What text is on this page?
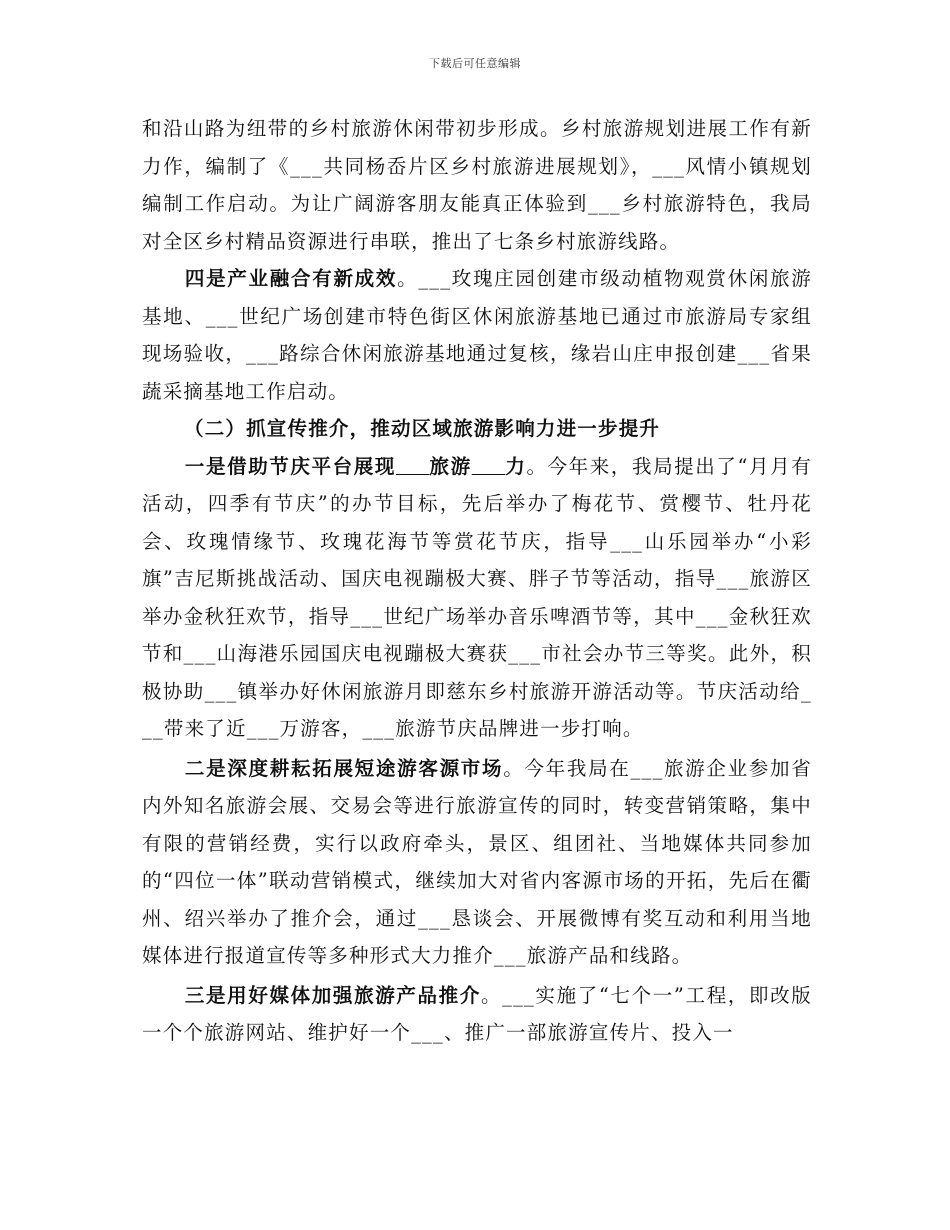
下载后可任意编辑

和沿山路为纽带的乡村旅游休闲带初步形成。乡村旅游规划进展工作有新力作，编制了《___共同杨岙片区乡村旅游进展规划》，___风情小镇规划编制工作启动。为让广阔游客朋友能真正体验到___乡村旅游特色，我局对全区乡村精品资源进行串联，推出了七条乡村旅游线路。

四是产业融合有新成效。___玫瑰庄园创建市级动植物观赏休闲旅游基地、___世纪广场创建市特色街区休闲旅游基地已通过市旅游局专家组现场验收，___路综合休闲旅游基地通过复核，缘岩山庄申报创建___省果蔬采摘基地工作启动。

（二）抓宣传推介，推动区域旅游影响力进一步提升

一是借助节庆平台展现 旅游 力。今年来，我局提出了“月月有活动，四季有节庆”的办节目标，先后举办了梅花节、赏樱节、牡丹花会、玫瑰情缘节、玫瑰花海节等赏花节庆，指导___山乐园举办“小彩旗”吉尼斯挑战活动、国庆电视蹦极大赛、胖子节等活动，指导___旅游区举办金秋狂欢节，指导___世纪广场举办音乐啤酒节等，其中___金秋狂欢节和___山海港乐园国庆电视蹦极大赛获___市社会办节三等奖。此外，积极协助___镇举办好休闲旅游月即慈东乡村旅游开游活动等。节庆活动给___带来了近___万游客，___旅游节庆品牌进一步打响。

二是深度耕耘拓展短途游客源市场。今年我局在___旅游企业参加省内外知名旅游会展、交易会等进行旅游宣传的同时，转变营销策略，集中有限的营销经费，实行以政府牵头，景区、组团社、当地媒体共同参加的“四位一体”联动营销模式，继续加大对省内客源市场的开拓，先后在衢州、绍兴举办了推介会，通过___恳谈会、开展微博有奖互动和利用当地媒体进行报道宣传等多种形式大力推介___旅游产品和线路。

三是用好媒体加强旅游产品推介。___实施了“七个一”工程，即改版一个个旅游网站、维护好一个___、推广一部旅游宣传片、投入一
